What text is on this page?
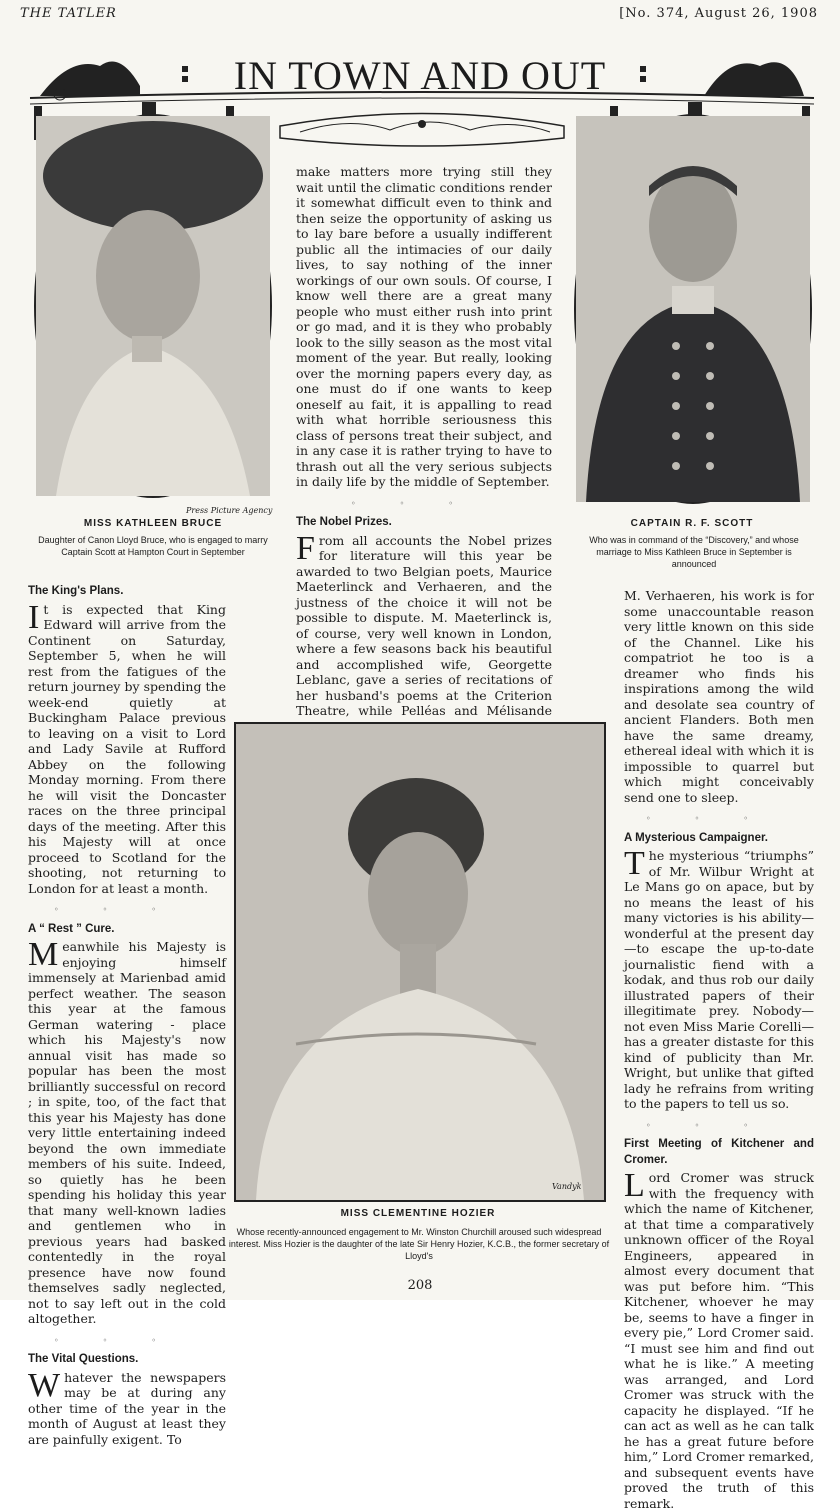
THE TATLER	[No. 374, August 26, 1908
IN TOWN AND OUT
Press Picture Agency
MISS KATHLEEN BRUCE
Daughter of Canon Lloyd Bruce, who is engaged to marry Captain Scott at Hampton Court in September
CAPTAIN R. F. SCOTT
Who was in command of the “Discovery,” and whose marriage to Miss Kathleen Bruce in September is announced

make matters more trying still they wait until the climatic conditions render it somewhat difficult even to think and then seize the opportunity of asking us to lay bare before a usually indifferent public all the intimacies of our daily lives, to say nothing of the inner workings of our own souls. Of course, I know well there are a great many people who must either rush into print or go mad, and it is they who probably look to the silly season as the most vital moment of the year. But really, looking over the morning papers every day, as one must do if one wants to keep oneself au fait, it is appalling to read with what horrible seriousness this class of persons treat their subject, and in any case it is rather trying to have to thrash out all the very serious subjects in daily life by the middle of September.

◦◦◦
The Nobel Prizes.

From all accounts the Nobel prizes for literature will this year be awarded to two Belgian poets, Maurice Maeterlinck and Verhaeren, and the justness of the choice it will not be possible to dispute. M. Maeterlinck is, of course, very well known in London, where a few seasons back his beautiful and accomplished wife, Georgette Leblanc, gave a series of recitations of her husband's poems at the Criterion Theatre, while Pelléas and Mélisande

The King's Plans.

It is expected that King Edward will arrive from the Continent on Saturday, September 5, when he will rest from the fatigues of the return journey by spending the week-end quietly at Buckingham Palace previous to leaving on a visit to Lord and Lady Savile at Rufford Abbey on the following Monday morning. From there he will visit the Doncaster races on the three principal days of the meeting. After this his Majesty will at once proceed to Scotland for the shooting, not returning to London for at least a month.

◦◦◦
A “ Rest ” Cure.

Meanwhile his Majesty is enjoying himself immensely at Marienbad amid perfect weather. The season this year at the famous German watering - place which his Majesty's now annual visit has made so popular has been the most brilliantly successful on record ; in spite, too, of the fact that this year his Majesty has done very little entertaining indeed beyond the own immediate members of his suite. Indeed, so quietly has he been spending his holiday this year that many well-known ladies and gentlemen who in previous years had basked contentedly in the royal presence have now found themselves sadly neglected, not to say left out in the cold altogether.

◦◦◦
The Vital Questions.

Whatever the newspapers may be at during any other time of the year in the month of August at least they are painfully exigent. To

Vandyk
MISS CLEMENTINE HOZIER
Whose recently-announced engagement to Mr. Winston Churchill aroused such widespread interest. Miss Hozier is the daughter of the late Sir Henry Hozier, K.C.B., the former secretary of Lloyd's

M. Verhaeren, his work is for some unaccountable reason very little known on this side of the Channel. Like his compatriot he too is a dreamer who finds his inspirations among the wild and desolate sea country of ancient Flanders. Both men have the same dreamy, ethereal ideal with which it is impossible to quarrel but which might conceivably send one to sleep.

◦◦◦
A Mysterious Campaigner.

The mysterious “triumphs” of Mr. Wilbur Wright at Le Mans go on apace, but by no means the least of his many victories is his ability—wonderful at the present day—to escape the up-to-date journalistic fiend with a kodak, and thus rob our daily illustrated papers of their illegitimate prey. Nobody—not even Miss Marie Corelli—has a greater distaste for this kind of publicity than Mr. Wright, but unlike that gifted lady he refrains from writing to the papers to tell us so.

◦◦◦
First Meeting of Kitchener and Cromer.

Lord Cromer was struck with the frequency with which the name of Kitchener, at that time a comparatively unknown officer of the Royal Engineers, appeared in almost every document that was put before him. “This Kitchener, whoever he may be, seems to have a finger in every pie,” Lord Cromer said. “I must see him and find out what he is like.” A meeting was arranged, and Lord Cromer was struck with the capacity he displayed. “If he can act as well as he can talk he has a great future before him,” Lord Cromer remarked, and subsequent events have proved the truth of this remark.

208
